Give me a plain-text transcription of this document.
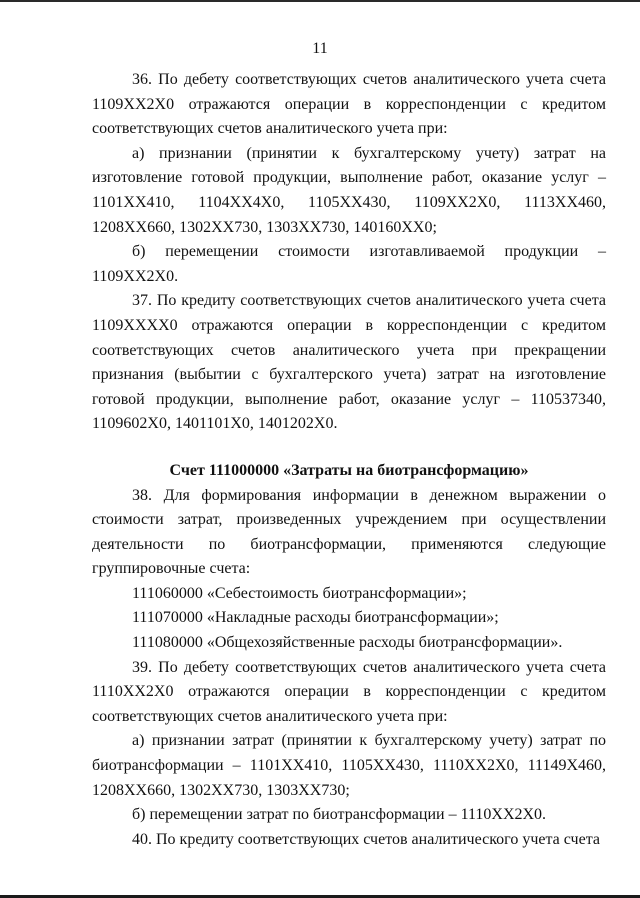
11

36. По дебету соответствующих счетов аналитического учета счета 1109ХХ2Х0 отражаются операции в корреспонденции с кредитом соответствующих счетов аналитического учета при:

а) признании (принятии к бухгалтерскому учету) затрат на изготовление готовой продукции, выполнение работ, оказание услуг – 1101ХХ410, 1104ХХ4Х0, 1105ХХ430, 1109ХХ2Х0, 1113ХХ460, 1208ХХ660, 1302ХХ730, 1303ХХ730, 140160ХХ0;

б) перемещении стоимости изготавливаемой продукции – 1109ХХ2Х0.

37. По кредиту соответствующих счетов аналитического учета счета 1109ХХХХ0 отражаются операции в корреспонденции с кредитом соответствующих счетов аналитического учета при прекращении признания (выбытии с бухгалтерского учета) затрат на изготовление готовой продукции, выполнение работ, оказание услуг – 110537340, 1109602Х0, 1401101Х0, 1401202Х0.

Счет 111000000 «Затраты на биотрансформацию»

38. Для формирования информации в денежном выражении о стоимости затрат, произведенных учреждением при осуществлении деятельности по биотрансформации, применяются следующие группировочные счета:

111060000 «Себестоимость биотрансформации»;

111070000 «Накладные расходы биотрансформации»;

111080000 «Общехозяйственные расходы биотрансформации».

39. По дебету соответствующих счетов аналитического учета счета 1110ХХ2Х0 отражаются операции в корреспонденции с кредитом соответствующих счетов аналитического учета при:

а) признании затрат (принятии к бухгалтерскому учету) затрат по биотрансформации – 1101ХХ410, 1105ХХ430, 1110ХХ2Х0, 11149Х460, 1208ХХ660, 1302ХХ730, 1303ХХ730;

б) перемещении затрат по биотрансформации – 1110ХХ2Х0.

40. По кредиту соответствующих счетов аналитического учета счета
